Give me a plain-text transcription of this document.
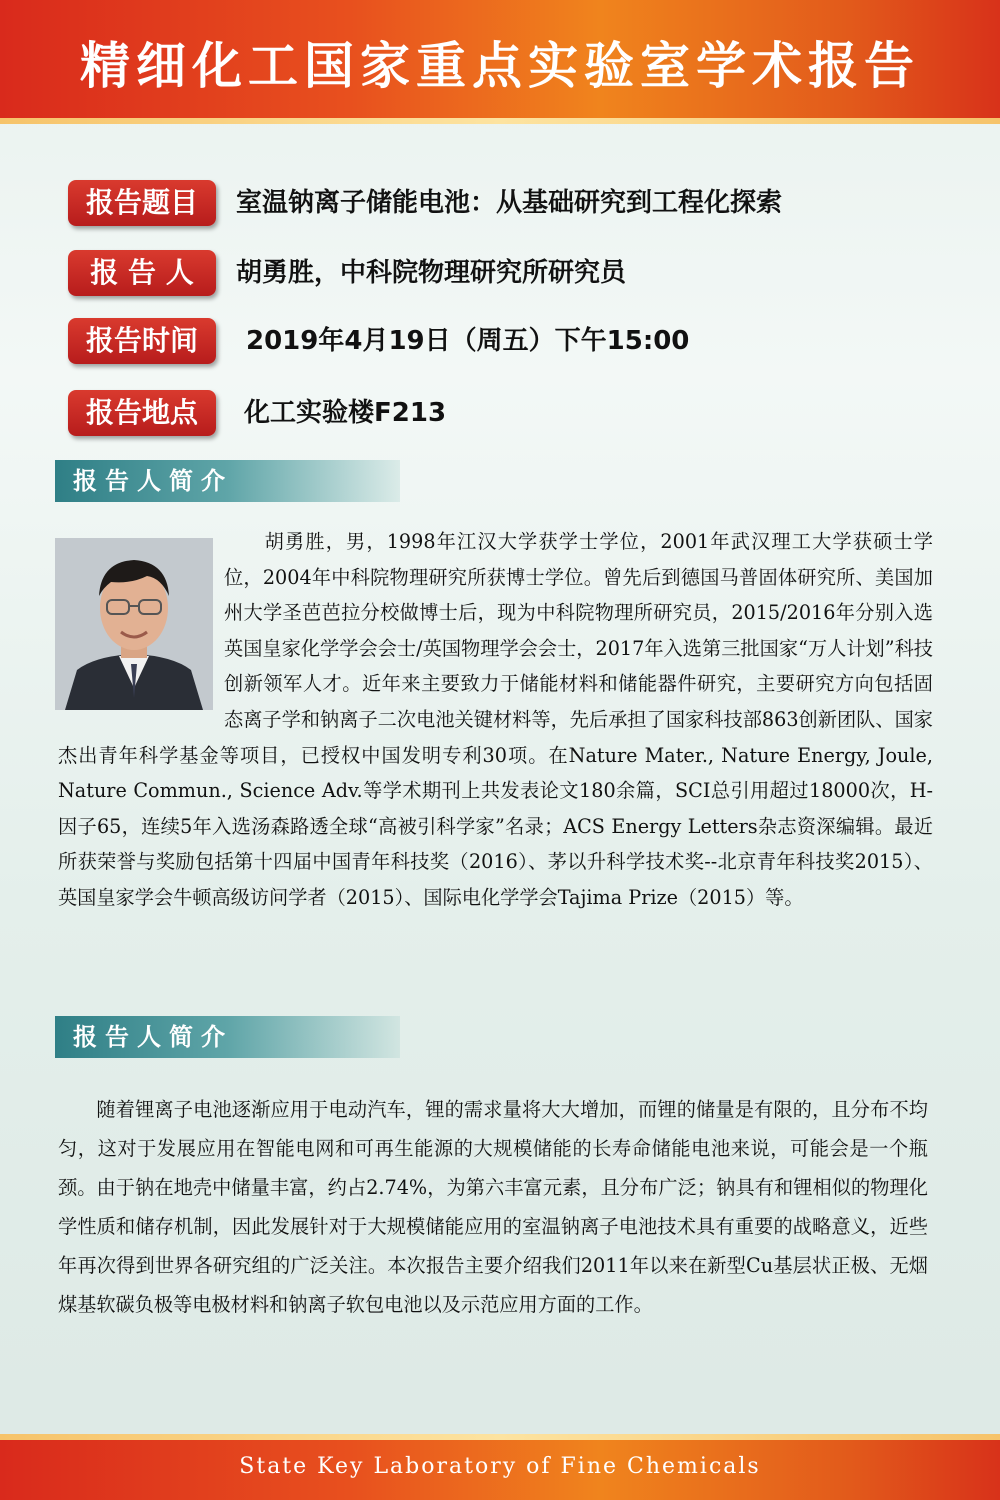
精细化工国家重点实验室学术报告
报告题目	室温钠离子储能电池：从基础研究到工程化探索
报 告 人	胡勇胜，中科院物理研究所研究员
报告时间	2019年4月19日（周五）下午15:00
报告地点	化工实验楼F213
报告人简介

　　胡勇胜，男，1998年江汉大学获学士学位，2001年武汉理工大学获硕士学位，2004年中科院物理研究所获博士学位。曾先后到德国马普固体研究所、美国加州大学圣芭芭拉分校做博士后，现为中科院物理所研究员，2015/2016年分别入选英国皇家化学学会会士/英国物理学会会士，2017年入选第三批国家“万人计划”科技创新领军人才。近年来主要致力于储能材料和储能器件研究，主要研究方向包括固态离子学和钠离子二次电池关键材料等，先后承担了国家科技部863创新团队、国家杰出青年科学基金等项目，已授权中国发明专利30项。在Nature Mater., Nature Energy, Joule, Nature Commun., Science Adv.等学术期刊上共发表论文180余篇，SCI总引用超过18000次，H-因子65，连续5年入选汤森路透全球“高被引科学家”名录；ACS Energy Letters杂志资深编辑。最近所获荣誉与奖励包括第十四届中国青年科技奖（2016）、茅以升科学技术奖--北京青年科技奖2015）、英国皇家学会牛顿高级访问学者（2015）、国际电化学学会Tajima Prize（2015）等。

报告人简介

随着锂离子电池逐渐应用于电动汽车，锂的需求量将大大增加，而锂的储量是有限的，且分布不均匀，这对于发展应用在智能电网和可再生能源的大规模储能的长寿命储能电池来说，可能会是一个瓶颈。由于钠在地壳中储量丰富，约占2.74%，为第六丰富元素，且分布广泛；钠具有和锂相似的物理化学性质和储存机制，因此发展针对于大规模储能应用的室温钠离子电池技术具有重要的战略意义，近些年再次得到世界各研究组的广泛关注。本次报告主要介绍我们2011年以来在新型Cu基层状正极、无烟煤基软碳负极等电极材料和钠离子软包电池以及示范应用方面的工作。

State Key Laboratory of Fine Chemicals
